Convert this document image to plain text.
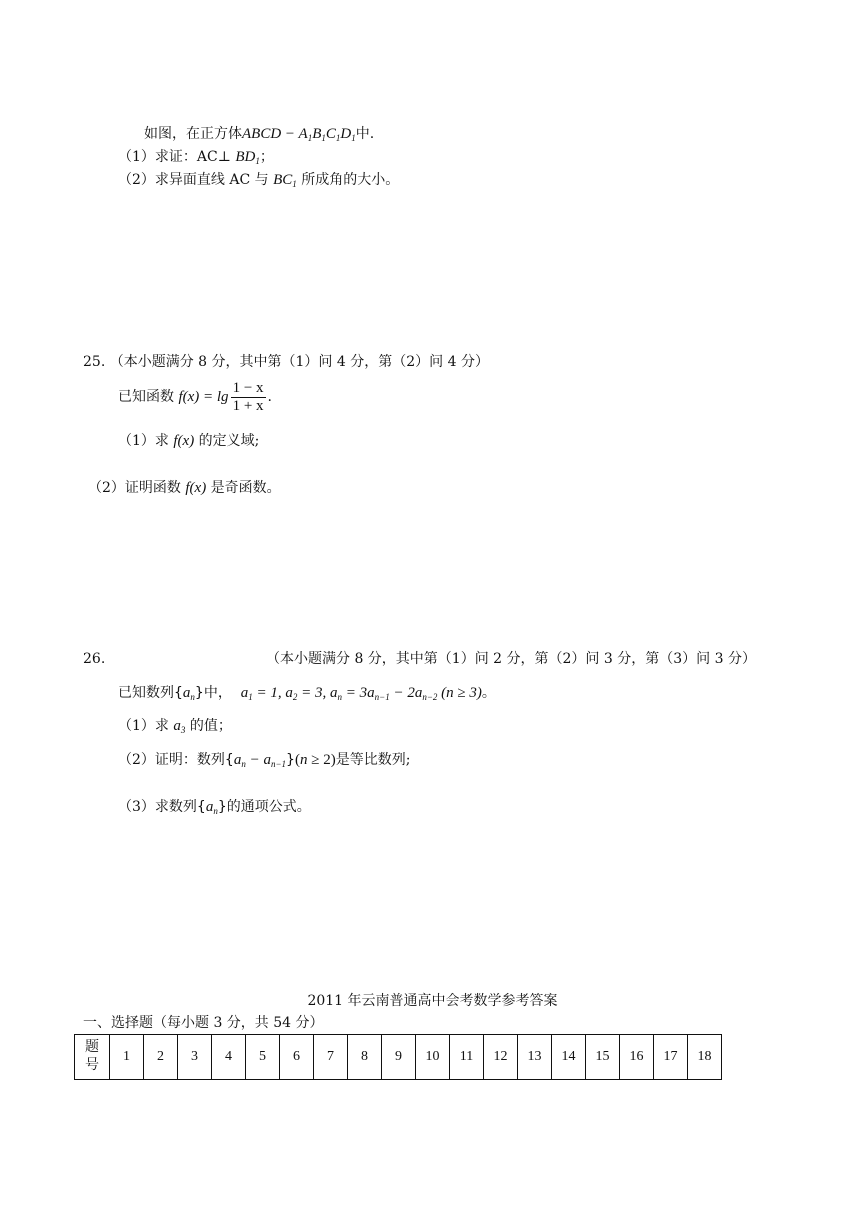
如图，在正方体ABCD − $A_1B_1C_1D_1$中.
（1）求证：AC⊥ $BD_1$；
（2）求异面直线 AC 与 $BC_1$ 所成角的大小。
25. （本小题满分 8 分，其中第（1）问 4 分，第（2）问 4 分）
已知函数 $f(x) = \lg \frac{1 - x}{1 + x}$ .
（1）求 f(x) 的定义域;
（2）证明函数 f(x) 是奇函数。
26.	（本小题满分 8 分，其中第（1）问 2 分，第（2）问 3 分，第（3）问 3 分）
已知数列$\{a_n\}$中， $a_1 = 1$, $a_2 = 3$, $a_n = 3a_{n-1} - 2a_{n-2}$ (n ≥ 3)。
（1）求 $a_3$ 的值；
（2）证明：数列$\{a_n - a_{n-1}\}(n \ge 2)$是等比数列;
（3）求数列$\{a_n\}$的通项公式。
2011 年云南普通高中会考数学参考答案
一、选择题（每小题 3 分，共 54 分）
题
号
	1	2	3	4	5	6	7	8	9	10	11	12	13	14	15	16	17	18
